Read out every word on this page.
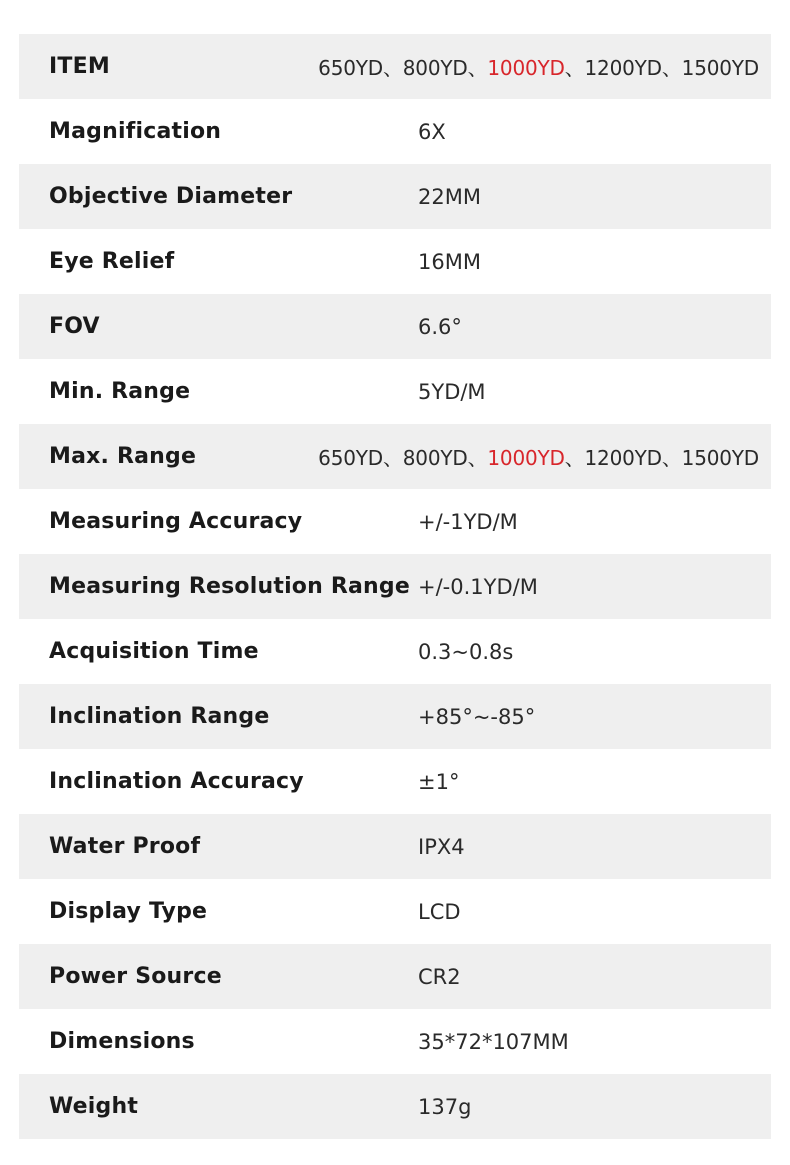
ITEM	650YD、800YD、1000YD、1200YD、1500YD
Magnification	6X
Objective Diameter	22MM
Eye Relief	16MM
FOV	6.6°
Min. Range	5YD/M
Max. Range	650YD、800YD、1000YD、1200YD、1500YD
Measuring Accuracy	+/-1YD/M
Measuring Resolution Range +/-0.1YD/M
Acquisition Time	0.3~0.8s
Inclination Range	+85°~-85°
Inclination Accuracy	±1°
Water Proof	IPX4
Display Type	LCD
Power Source	CR2
Dimensions	35*72*107MM
Weight	137g
